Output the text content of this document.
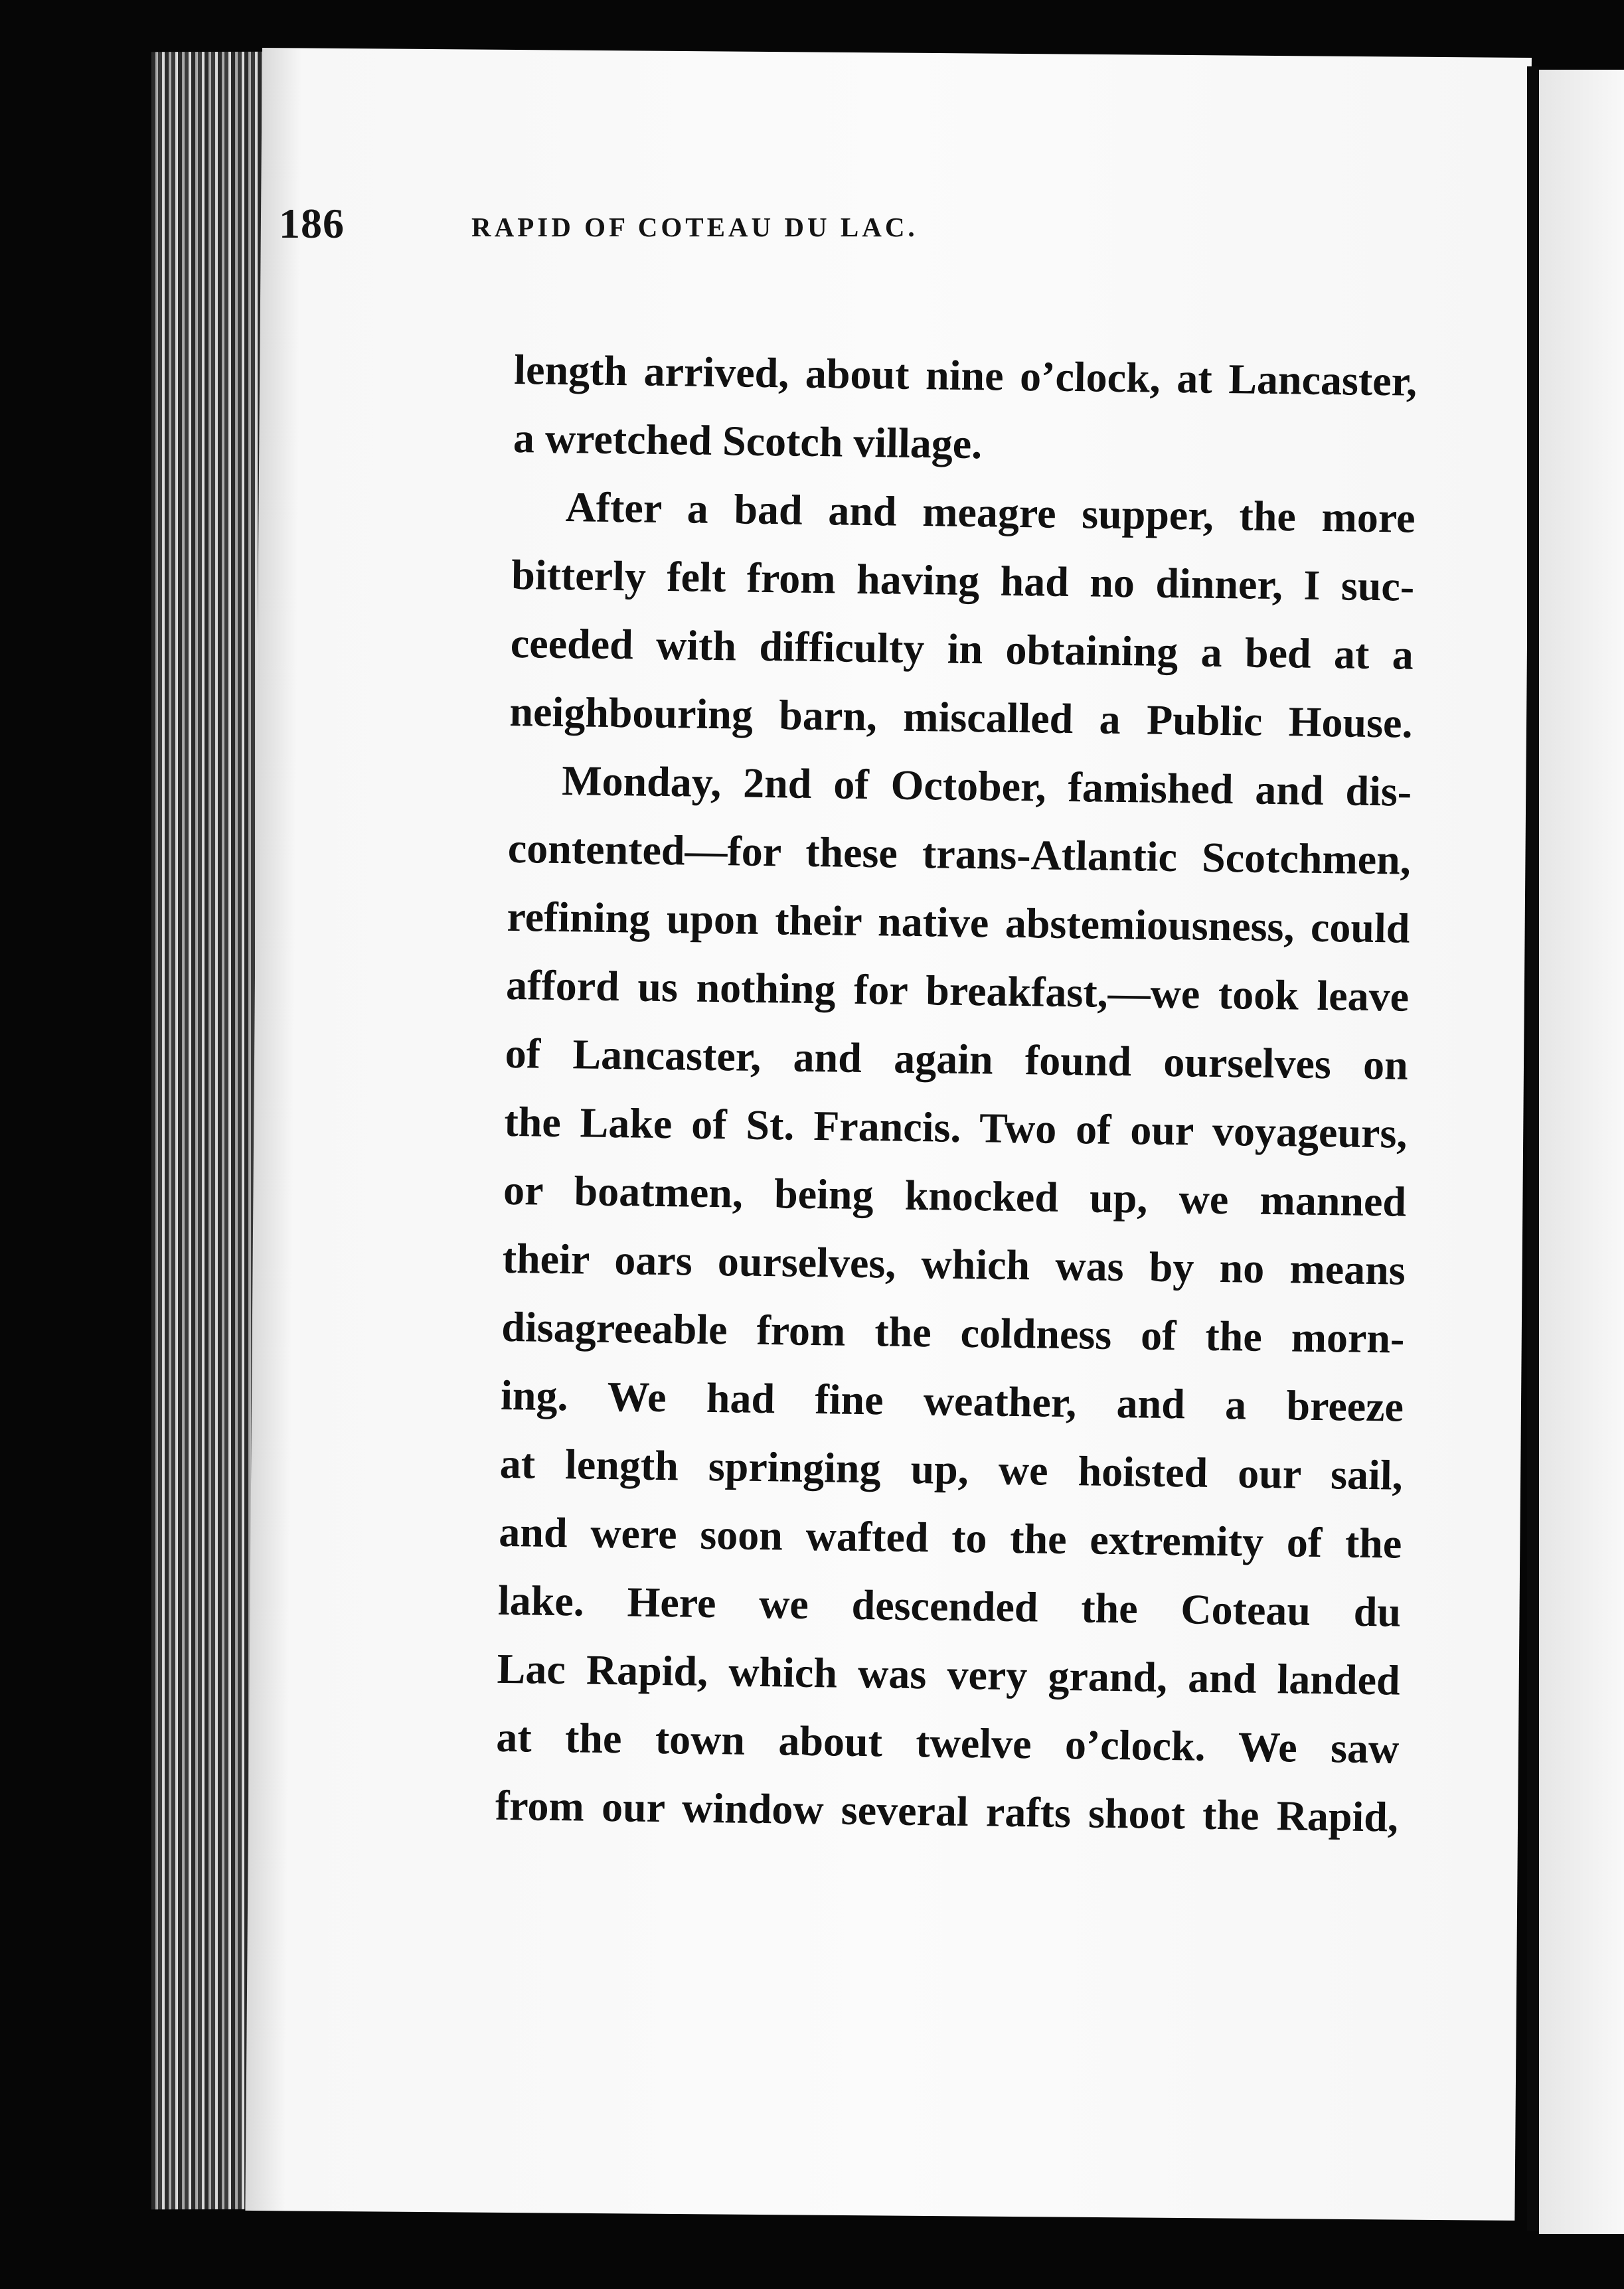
186	RAPID OF COTEAU DU LAC.
length arrived, about nine o’clock, at Lancaster,
a wretched Scotch village.
After a bad and meagre supper, the more
bitterly felt from having had no dinner, I suc-
ceeded with difficulty in obtaining a bed at a
neighbouring barn, miscalled a Public House.
Monday, 2nd of October, famished and dis-
contented—for these trans-Atlantic Scotchmen,
refining upon their native abstemiousness, could
afford us nothing for breakfast,—we took leave
of Lancaster, and again found ourselves on
the Lake of St. Francis. Two of our voyageurs,
or boatmen, being knocked up, we manned
their oars ourselves, which was by no means
disagreeable from the coldness of the morn-
ing. We had fine weather, and a breeze
at length springing up, we hoisted our sail,
and were soon wafted to the extremity of the
lake. Here we descended the Coteau du
Lac Rapid, which was very grand, and landed
at the town about twelve o’clock. We saw
from our window several rafts shoot the Rapid,
